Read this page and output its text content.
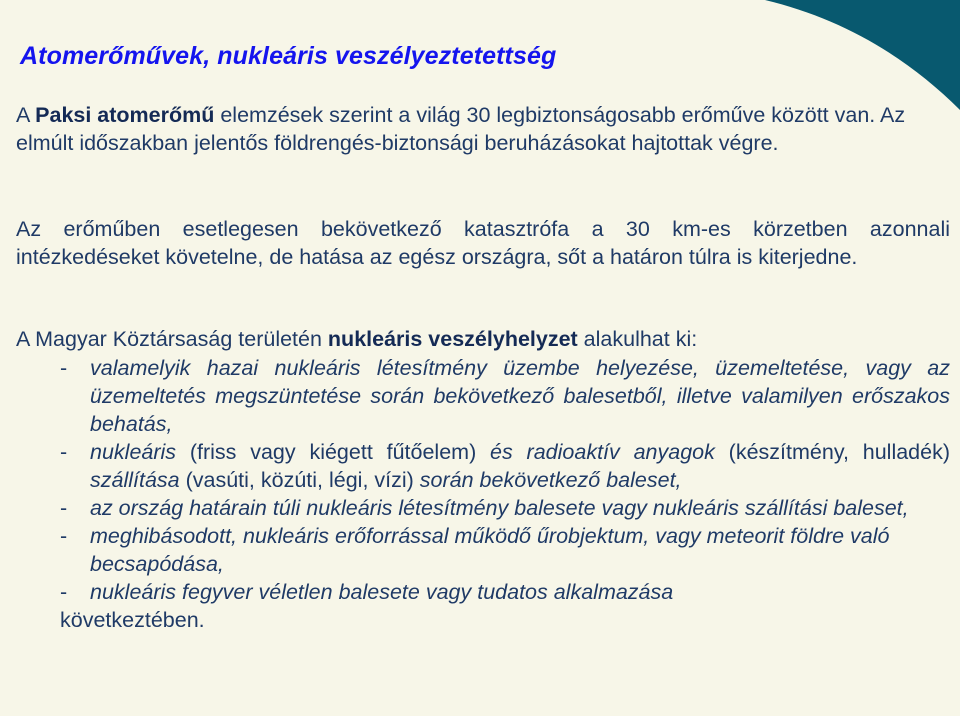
Atomerőművek, nukleáris veszélyeztetettség
A Paksi atomerőmű elemzések szerint a világ 30 legbiztonságosabb erőműve között van. Az elmúlt időszakban jelentős földrengés-biztonsági beruházásokat hajtottak végre.
Az erőműben esetlegesen bekövetkező katasztrófa a 30 km-es körzetben azonnali intézkedéseket követelne, de hatása az egész országra, sőt a határon túlra is kiterjedne.
A Magyar Köztársaság területén nukleáris veszélyhelyzet alakulhat ki:
- valamelyik hazai nukleáris létesítmény üzembe helyezése, üzemeltetése, vagy az üzemeltetés megszüntetése során bekövetkező balesetből, illetve valamilyen erőszakos behatás,
- nukleáris (friss vagy kiégett fűtőelem) és radioaktív anyagok (készítmény, hulladék) szállítása (vasúti, közúti, légi, vízi) során bekövetkező baleset,
- az ország határain túli nukleáris létesítmény balesete vagy nukleáris szállítási baleset,
- meghibásodott, nukleáris erőforrással működő űrobjektum, vagy meteorit földre való becsapódása,
- nukleáris fegyver véletlen balesete vagy tudatos alkalmazása
következtében.
